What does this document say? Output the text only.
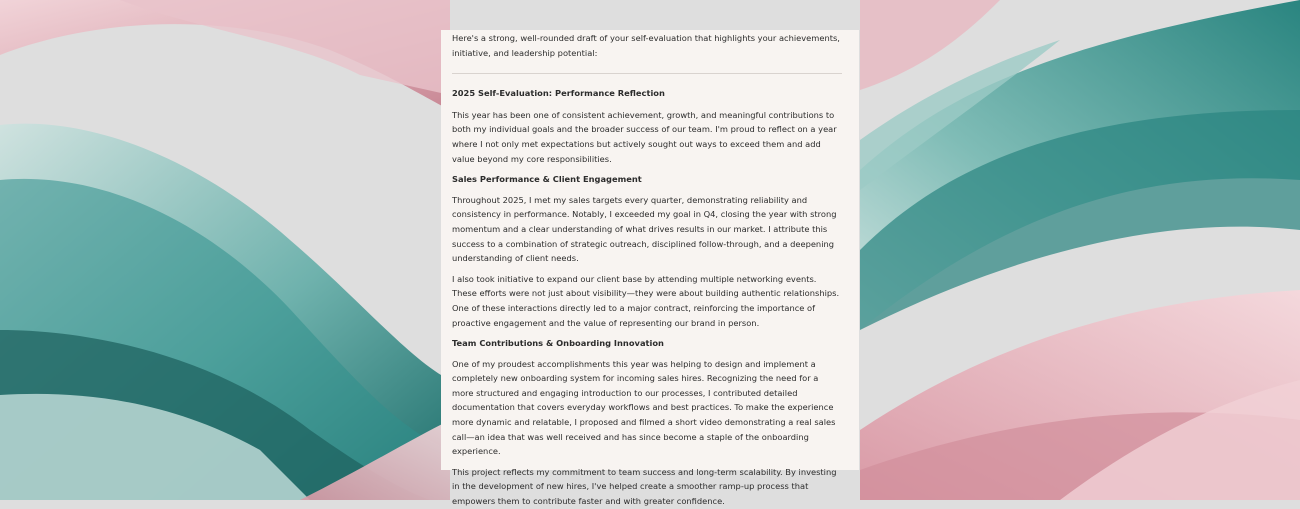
Here's a strong, well-rounded draft of your self-evaluation that highlights your achievements, initiative, and leadership potential:

2025 Self-Evaluation: Performance Reflection

This year has been one of consistent achievement, growth, and meaningful contributions to both my individual goals and the broader success of our team. I'm proud to reflect on a year where I not only met expectations but actively sought out ways to exceed them and add value beyond my core responsibilities.

Sales Performance & Client Engagement

Throughout 2025, I met my sales targets every quarter, demonstrating reliability and consistency in performance. Notably, I exceeded my goal in Q4, closing the year with strong momentum and a clear understanding of what drives results in our market. I attribute this success to a combination of strategic outreach, disciplined follow-through, and a deepening understanding of client needs.

I also took initiative to expand our client base by attending multiple networking events. These efforts were not just about visibility—they were about building authentic relationships. One of these interactions directly led to a major contract, reinforcing the importance of proactive engagement and the value of representing our brand in person.

Team Contributions & Onboarding Innovation

One of my proudest accomplishments this year was helping to design and implement a completely new onboarding system for incoming sales hires. Recognizing the need for a more structured and engaging introduction to our processes, I contributed detailed documentation that covers everyday workflows and best practices. To make the experience more dynamic and relatable, I proposed and filmed a short video demonstrating a real sales call—an idea that was well received and has since become a staple of the onboarding experience.

This project reflects my commitment to team success and long-term scalability. By investing in the development of new hires, I've helped create a smoother ramp-up process that empowers them to contribute faster and with greater confidence.
